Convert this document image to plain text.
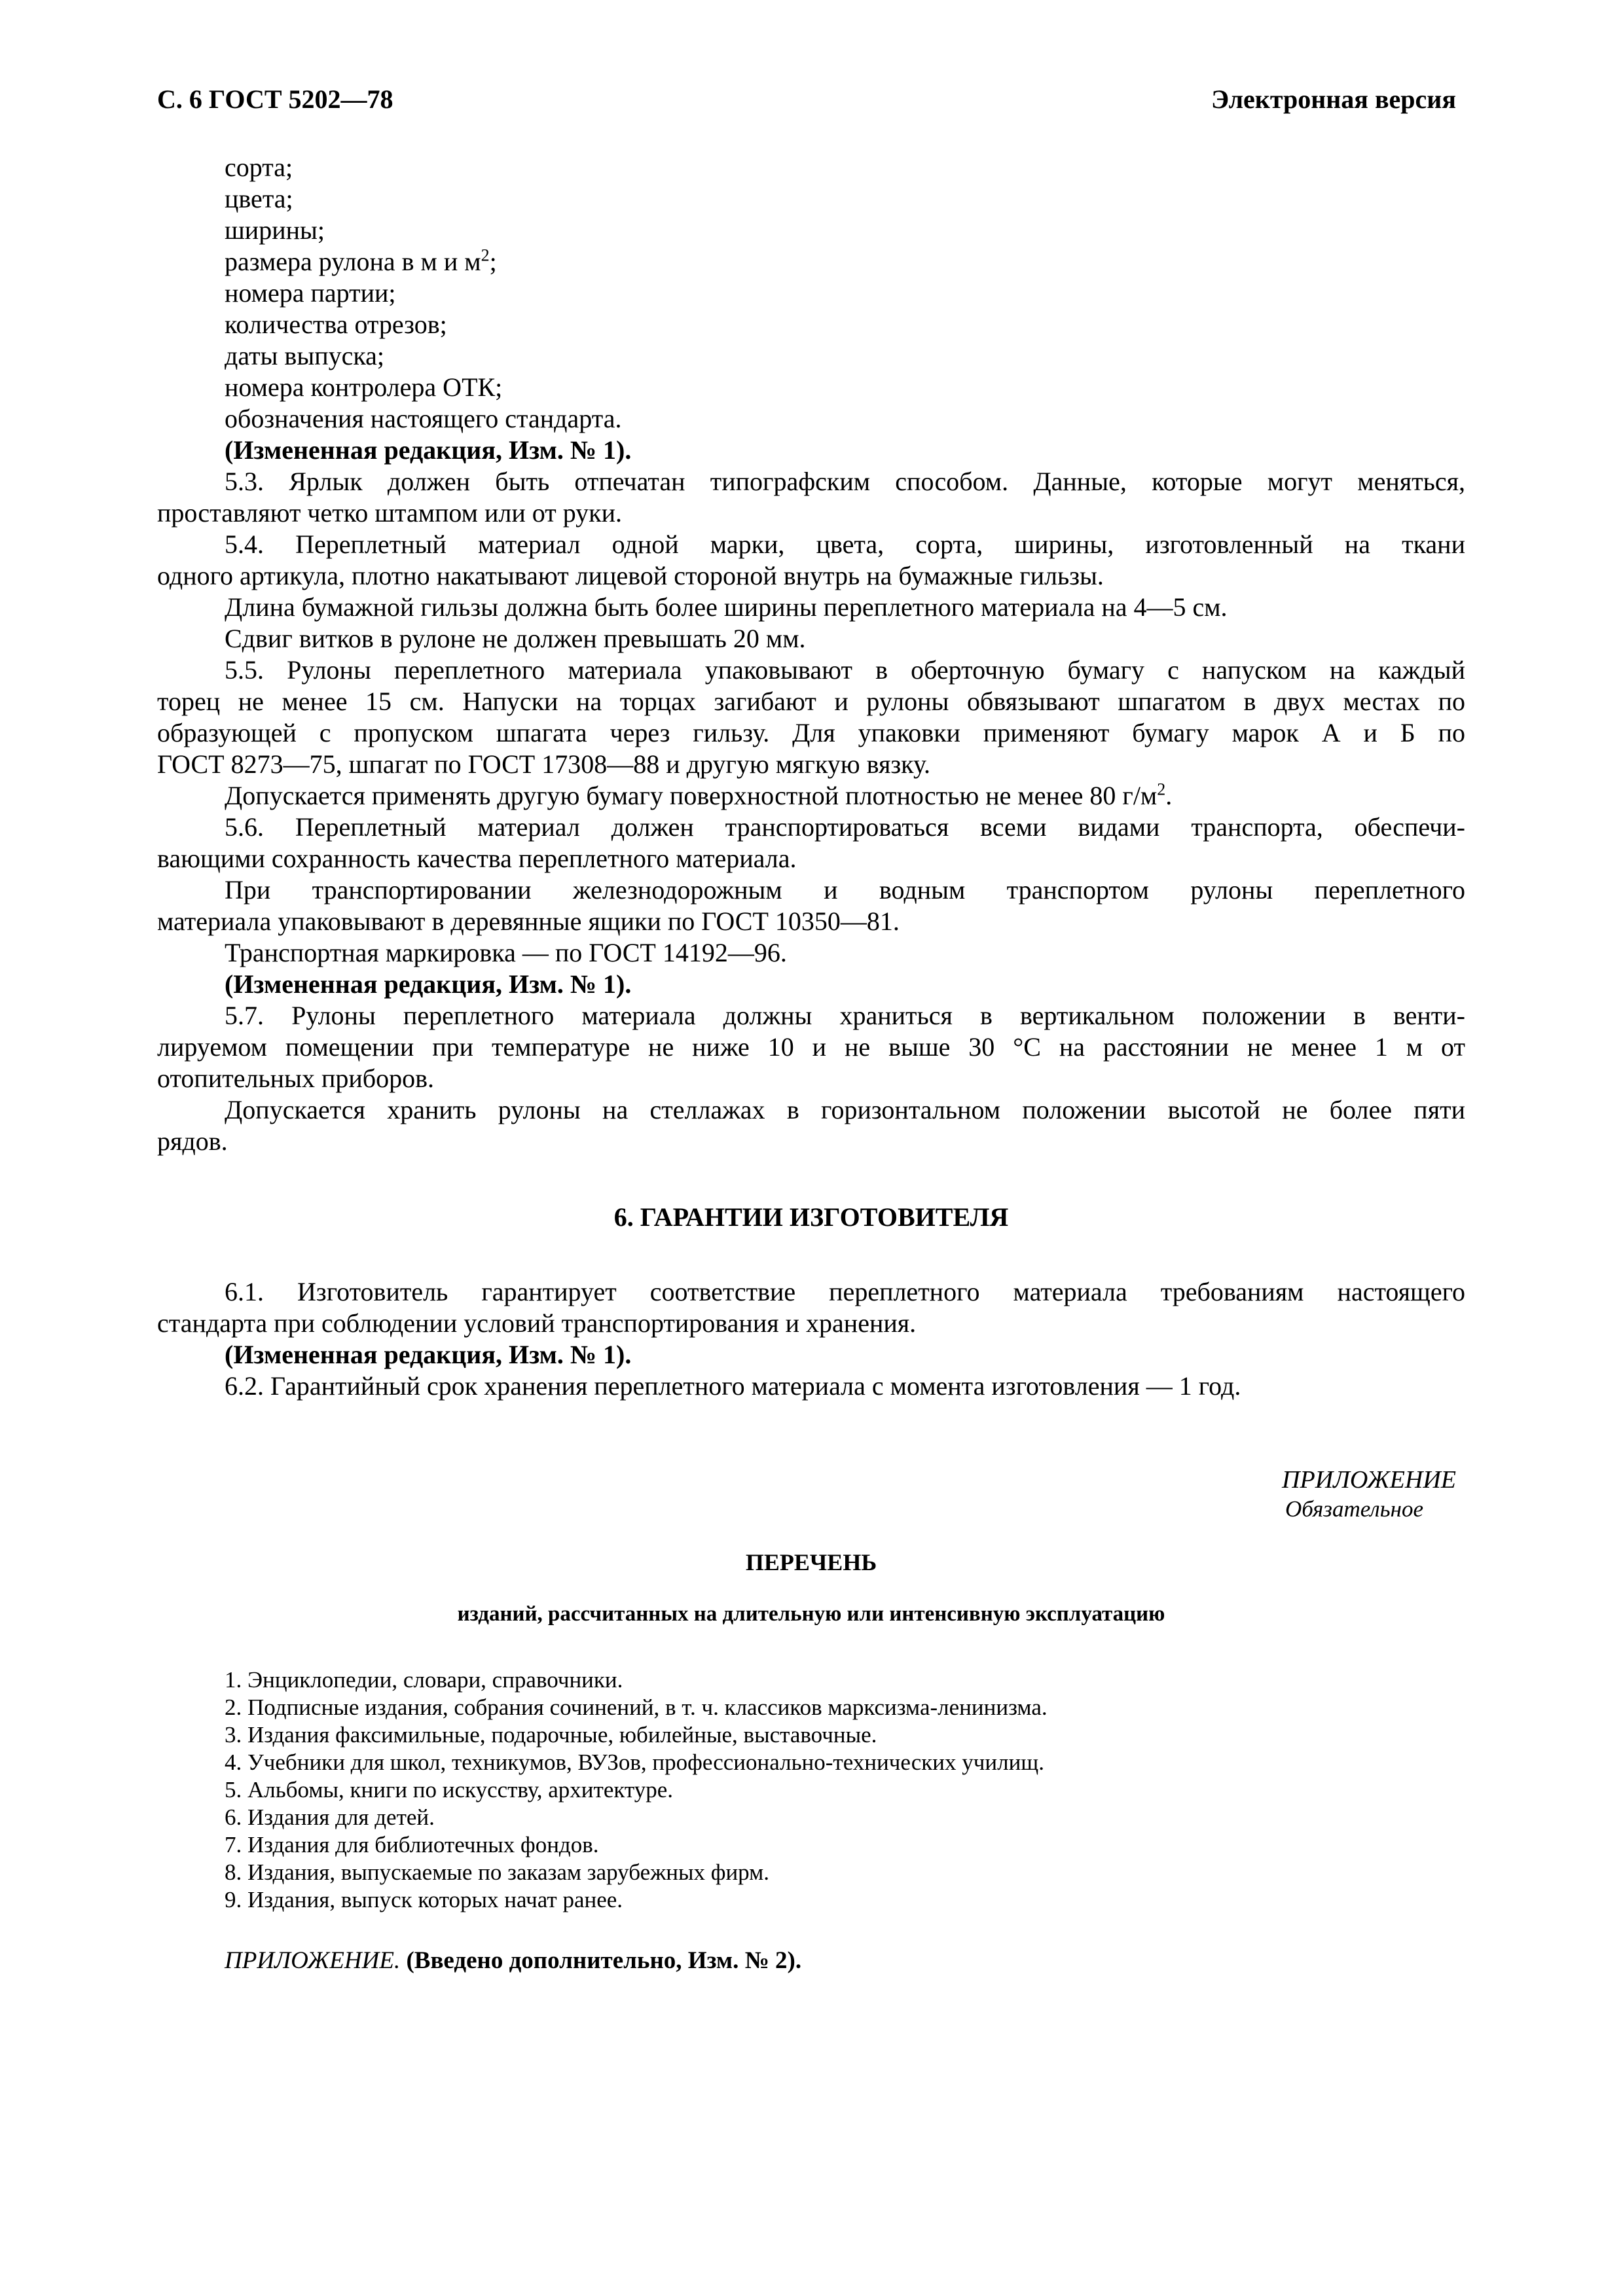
С. 6 ГОСТ 5202—78	Электронная версия
сорта;
цвета;
ширины;
размера рулона в м и $м^2$;
номера партии;
количества отрезов;
даты выпуска;
номера контролера ОТК;
обозначения настоящего стандарта.
(Измененная редакция, Изм. № 1).
5.3. Ярлык должен быть отпечатан типографским способом. Данные, которые могут меняться,
проставляют четко штампом или от руки.
5.4. Переплетный материал одной марки, цвета, сорта, ширины, изготовленный на ткани
одного артикула, плотно накатывают лицевой стороной внутрь на бумажные гильзы.
Длина бумажной гильзы должна быть более ширины переплетного материала на 4—5 см.
Сдвиг витков в рулоне не должен превышать 20 мм.
5.5. Рулоны переплетного материала упаковывают в оберточную бумагу с напуском на каждый
торец не менее 15 см. Напуски на торцах загибают и рулоны обвязывают шпагатом в двух местах по
образующей с пропуском шпагата через гильзу. Для упаковки применяют бумагу марок А и Б по
ГОСТ 8273—75, шпагат по ГОСТ 17308—88 и другую мягкую вязку.
Допускается применять другую бумагу поверхностной плотностью не менее 80 $г/м^2$.
5.6. Переплетный материал должен транспортироваться всеми видами транспорта, обеспечи-
вающими сохранность качества переплетного материала.
При транспортировании железнодорожным и водным транспортом рулоны переплетного
материала упаковывают в деревянные ящики по ГОСТ 10350—81.
Транспортная маркировка — по ГОСТ 14192—96.
(Измененная редакция, Изм. № 1).
5.7. Рулоны переплетного материала должны храниться в вертикальном положении в венти-
лируемом помещении при температуре не ниже 10 и не выше 30 °С на расстоянии не менее 1 м от
отопительных приборов.
Допускается хранить рулоны на стеллажах в горизонтальном положении высотой не более пяти
рядов.
6. ГАРАНТИИ ИЗГОТОВИТЕЛЯ
6.1. Изготовитель гарантирует соответствие переплетного материала требованиям настоящего
стандарта при соблюдении условий транспортирования и хранения.
(Измененная редакция, Изм. № 1).
6.2. Гарантийный срок хранения переплетного материала с момента изготовления — 1 год.
ПРИЛОЖЕНИЕ
Обязательное
ПЕРЕЧЕНЬ
изданий, рассчитанных на длительную или интенсивную эксплуатацию
1. Энциклопедии, словари, справочники.
2. Подписные издания, собрания сочинений, в т. ч. классиков марксизма-ленинизма.
3. Издания факсимильные, подарочные, юбилейные, выставочные.
4. Учебники для школ, техникумов, ВУЗов, профессионально-технических училищ.
5. Альбомы, книги по искусству, архитектуре.
6. Издания для детей.
7. Издания для библиотечных фондов.
8. Издания, выпускаемые по заказам зарубежных фирм.
9. Издания, выпуск которых начат ранее.
ПРИЛОЖЕНИЕ. (Введено дополнительно, Изм. № 2).
